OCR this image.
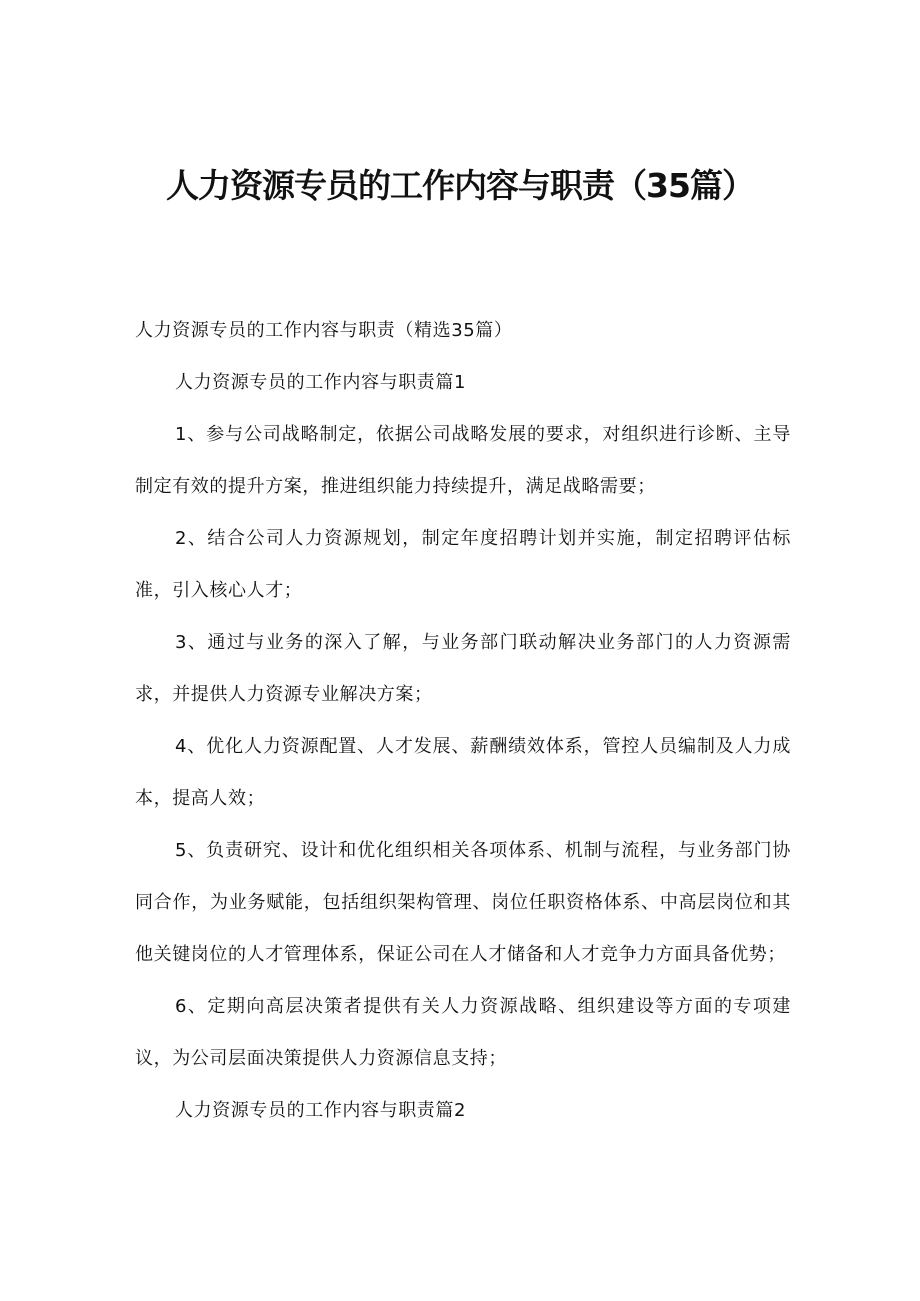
人力资源专员的工作内容与职责（35篇）

人力资源专员的工作内容与职责（精选35篇）

人力资源专员的工作内容与职责篇1

1、参与公司战略制定，依据公司战略发展的要求，对组织进行诊断、主导制定有效的提升方案，推进组织能力持续提升，满足战略需要；

2、结合公司人力资源规划，制定年度招聘计划并实施，制定招聘评估标准，引入核心人才；

3、通过与业务的深入了解，与业务部门联动解决业务部门的人力资源需求，并提供人力资源专业解决方案；

4、优化人力资源配置、人才发展、薪酬绩效体系，管控人员编制及人力成本，提高人效；

5、负责研究、设计和优化组织相关各项体系、机制与流程，与业务部门协同合作，为业务赋能，包括组织架构管理、岗位任职资格体系、中高层岗位和其他关键岗位的人才管理体系，保证公司在人才储备和人才竞争力方面具备优势；

6、定期向高层决策者提供有关人力资源战略、组织建设等方面的专项建议，为公司层面决策提供人力资源信息支持；

人力资源专员的工作内容与职责篇2
